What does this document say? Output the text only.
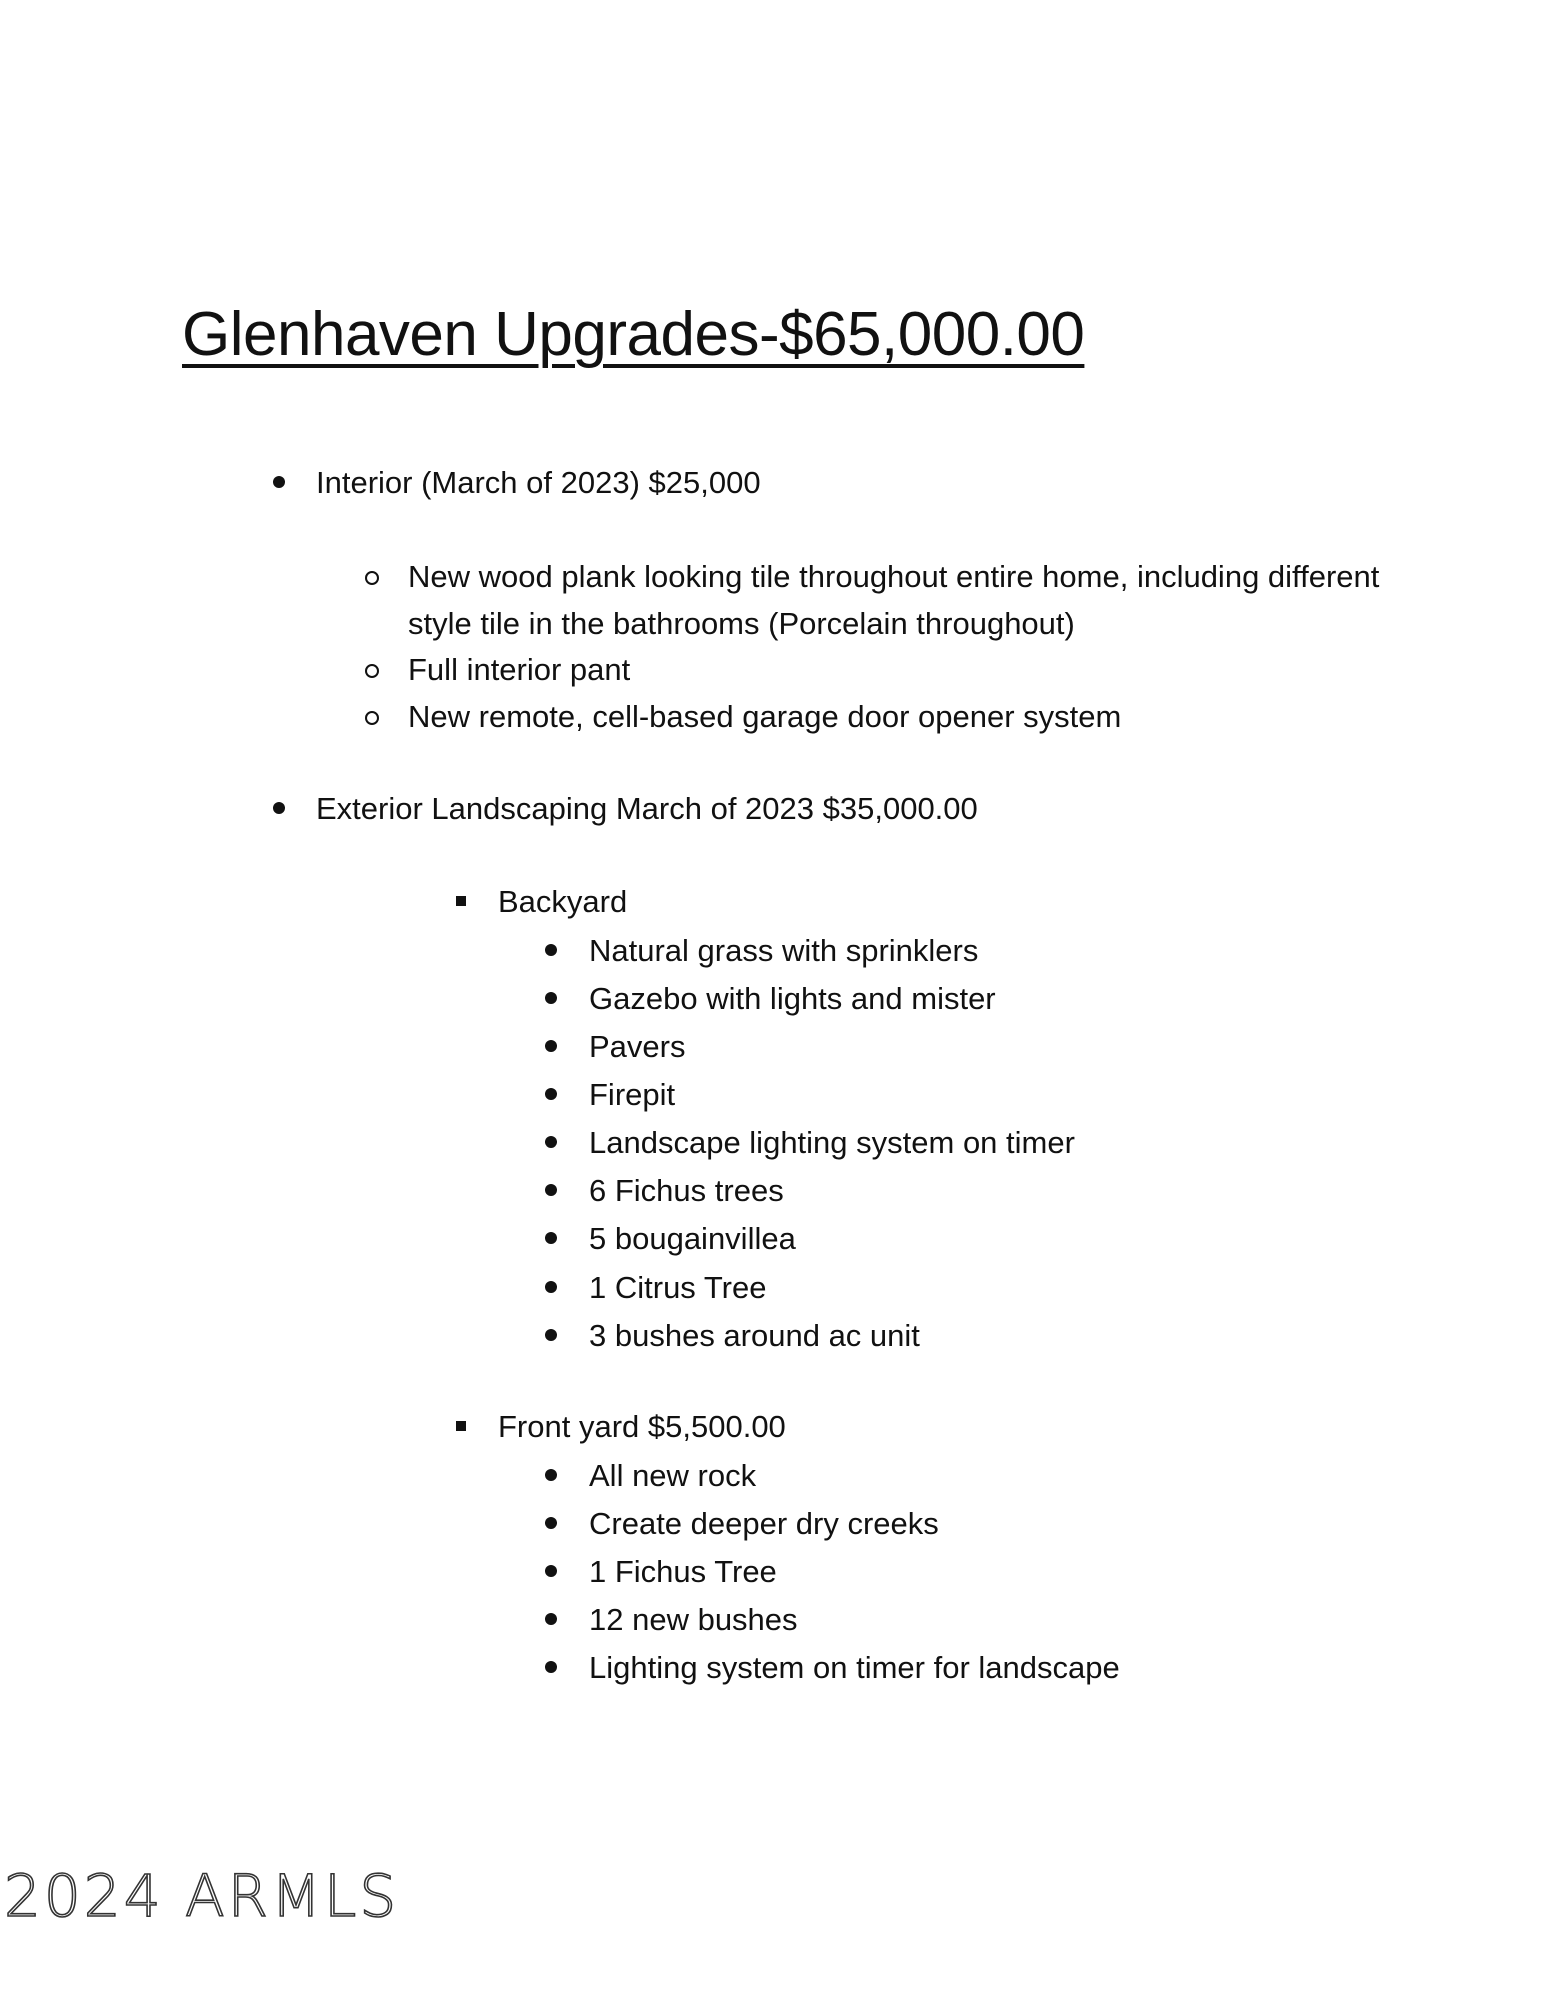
Glenhaven Upgrades-$65,000.00
Interior (March of 2023) $25,000
New wood plank looking tile throughout entire home, including different style tile in the bathrooms (Porcelain throughout)
Full interior pant
New remote, cell-based garage door opener system
Exterior Landscaping March of 2023 $35,000.00
Backyard
Natural grass with sprinklers
Gazebo with lights and mister
Pavers
Firepit
Landscape lighting system on timer
6 Fichus trees
5 bougainvillea
1 Citrus Tree
3 bushes around ac unit
Front yard $5,500.00
All new rock
Create deeper dry creeks
1 Fichus Tree
12 new bushes
Lighting system on timer for landscape
2024 ARMLS
